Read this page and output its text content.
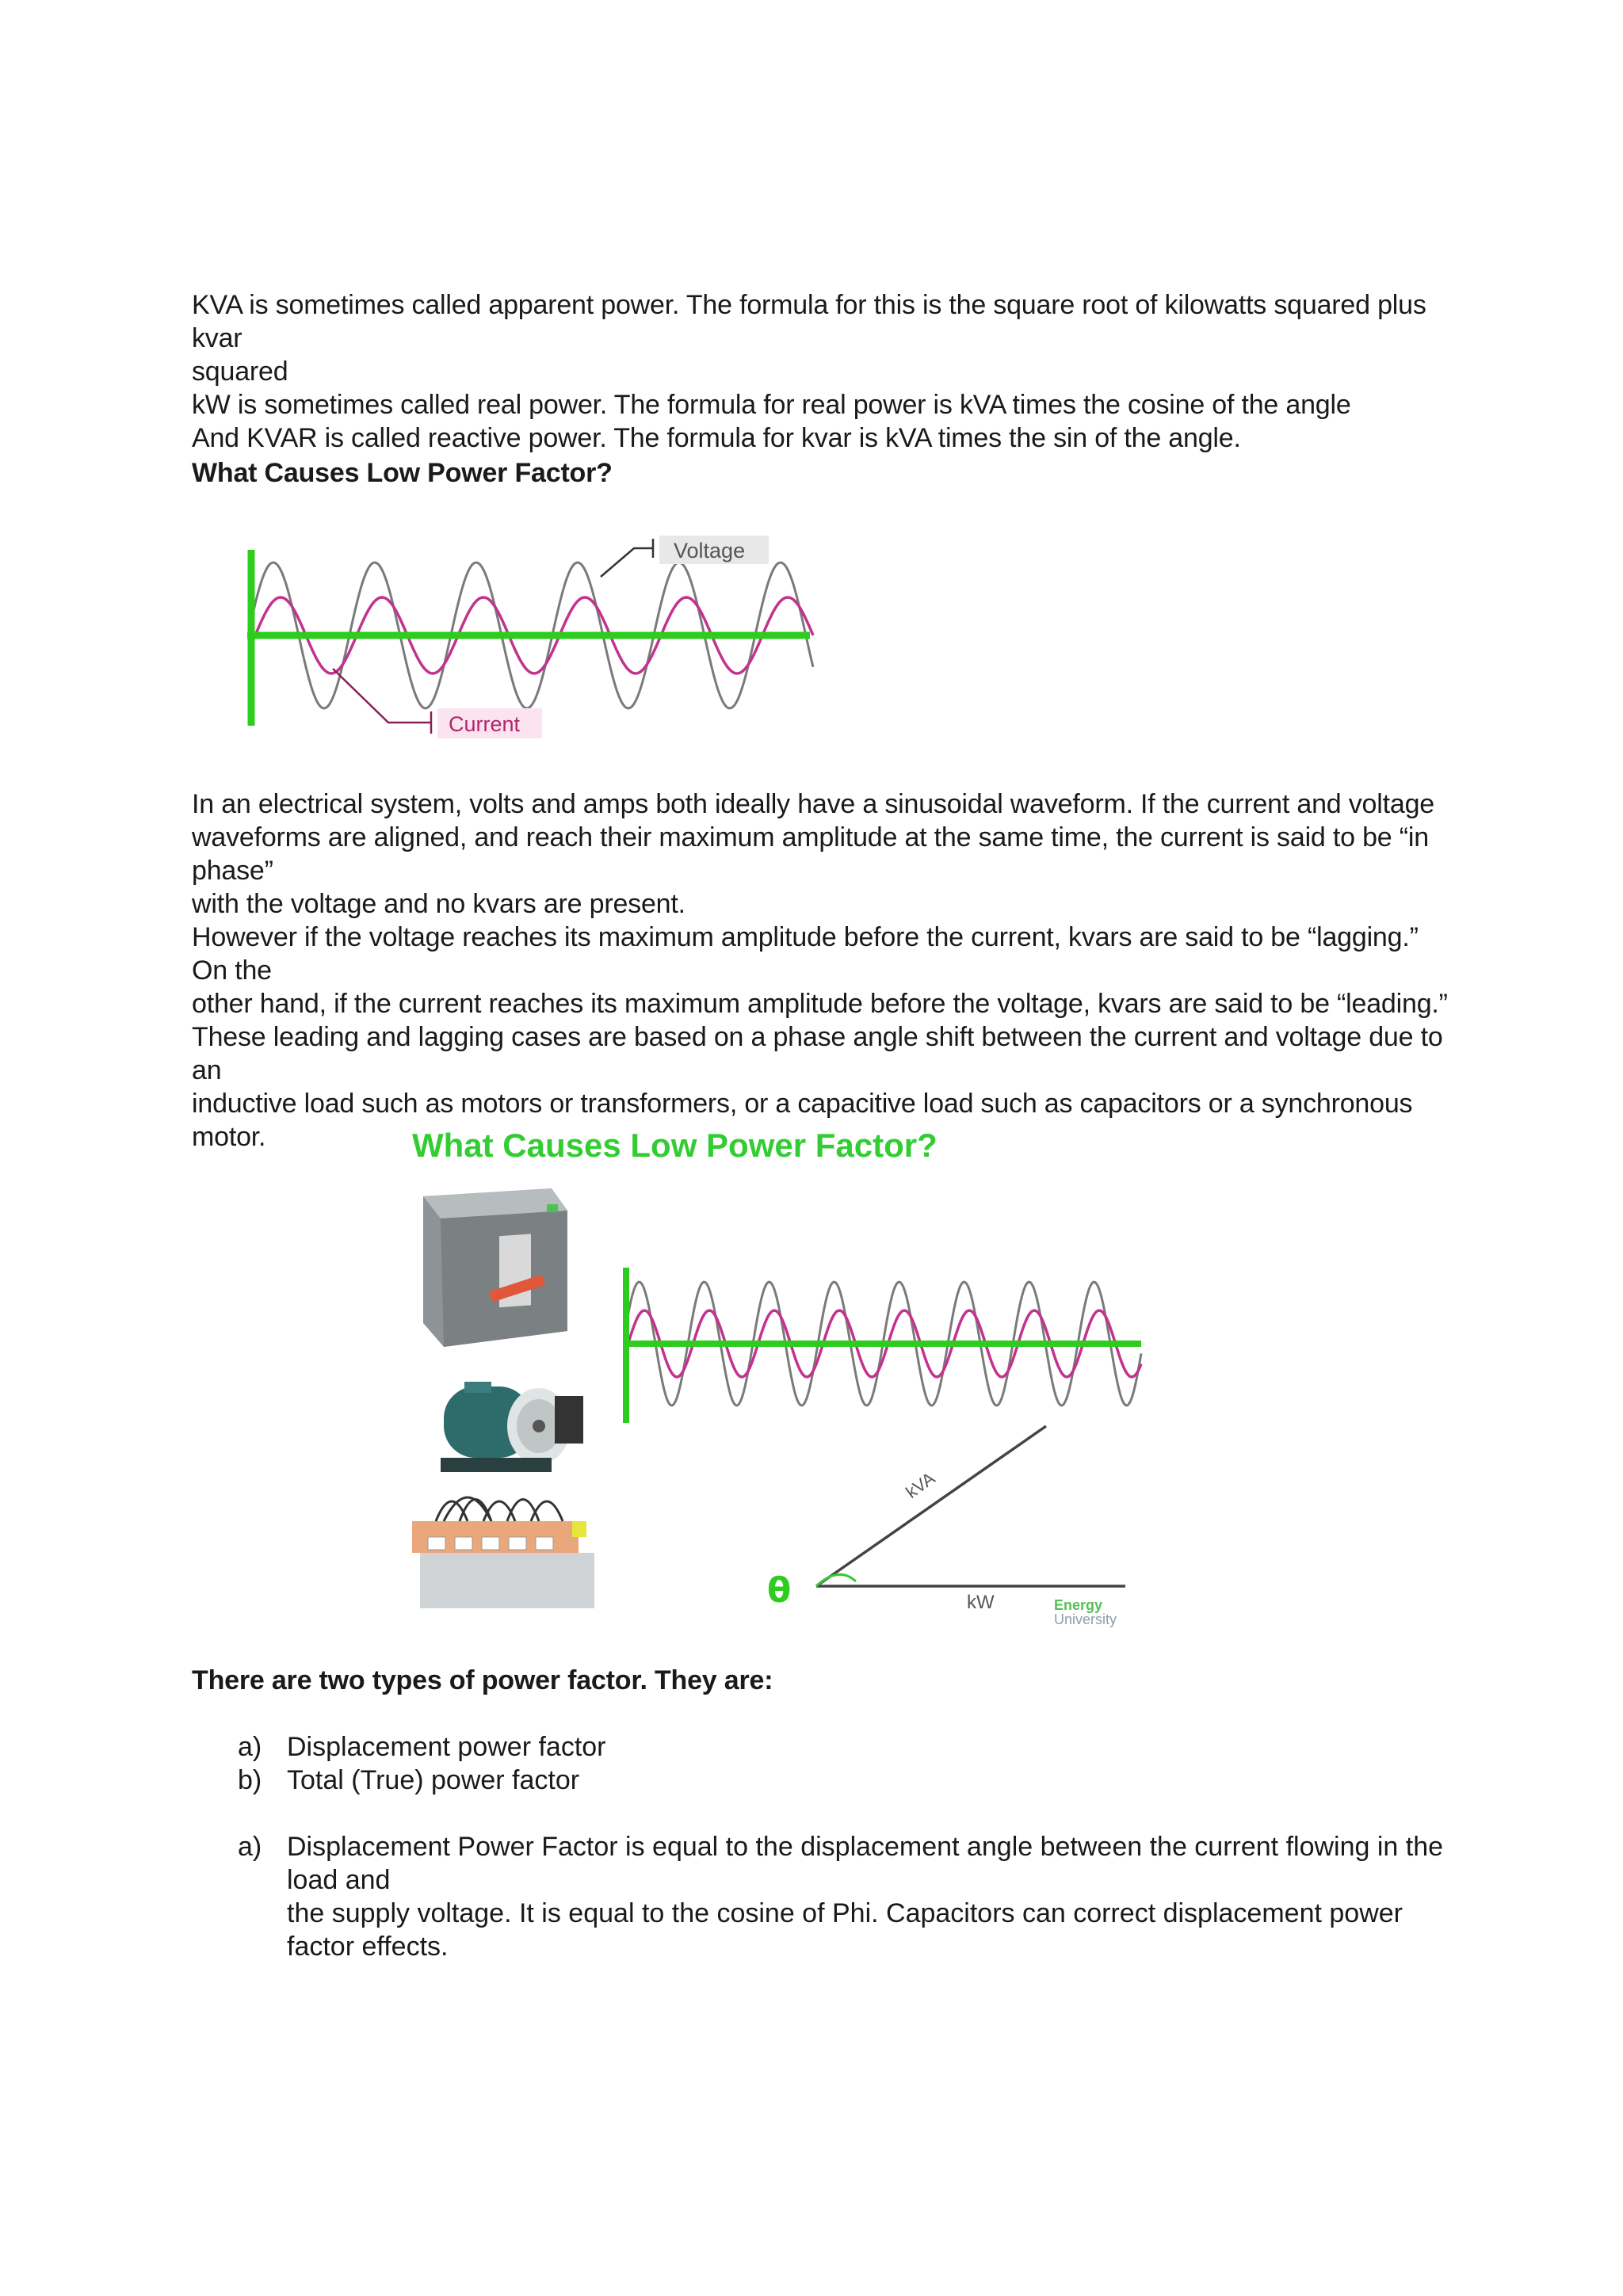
KVA is sometimes called apparent power. The formula for this is the square root of kilowatts squared plus kvar
squared
kW is sometimes called real power. The formula for real power is kVA times the cosine of the angle
And KVAR is called reactive power. The formula for kvar is kVA times the sin of the angle.

What Causes Low Power Factor?

Voltage
Current

In an electrical system, volts and amps both ideally have a sinusoidal waveform. If the current and voltage
waveforms are aligned, and reach their maximum amplitude at the same time, the current is said to be “in phase”
with the voltage and no kvars are present.

However if the voltage reaches its maximum amplitude before the current, kvars are said to be “lagging.” On the
other hand, if the current reaches its maximum amplitude before the voltage, kvars are said to be “leading.”

These leading and lagging cases are based on a phase angle shift between the current and voltage due to an
inductive load such as motors or transformers, or a capacitive load such as capacitors or a synchronous motor.	What Causes Low Power Factor?
kVA
kW
θ	Energy
University

There are two types of power factor. They are:

a) Displacement power factor
b) Total (True) power factor
a) Displacement Power Factor is equal to the displacement angle between the current flowing in the load and
the supply voltage. It is equal to the cosine of Phi. Capacitors can correct displacement power factor effects.
